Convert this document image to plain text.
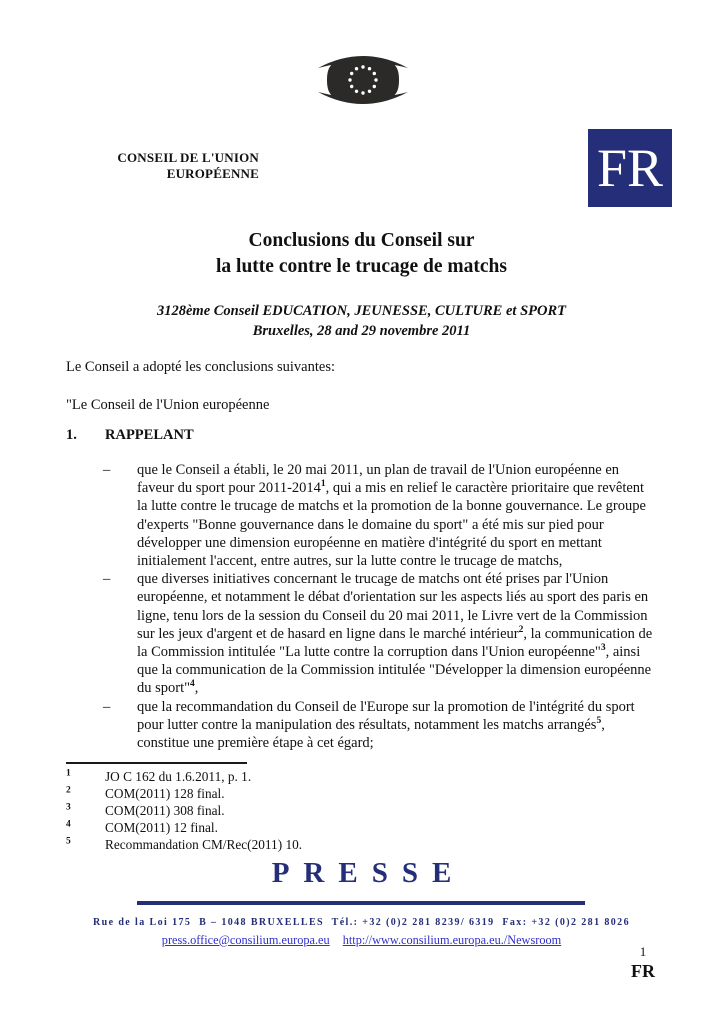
CONSEIL DE L'UNION
EUROPÉENNE	FR
Conclusions du Conseil sur
la lutte contre le trucage de matchs
3128ème Conseil EDUCATION, JEUNESSE, CULTURE et SPORT
Bruxelles, 28 and 29 novembre 2011
Le Conseil a adopté les conclusions suivantes:
"Le Conseil de l'Union européenne
1.	RAPPELANT
–	que le Conseil a établi, le 20 mai 2011, un plan de travail de l'Union européenne en faveur du sport pour 2011-2014$^1$, qui a mis en relief le caractère prioritaire que revêtent la lutte contre le trucage de matchs et la promotion de la bonne gouvernance. Le groupe d'experts "Bonne gouvernance dans le domaine du sport" a été mis sur pied pour développer une dimension européenne en matière d'intégrité du sport en mettant initialement l'accent, entre autres, sur la lutte contre le trucage de matchs,
–	que diverses initiatives concernant le trucage de matchs ont été prises par l'Union européenne, et notamment le débat d'orientation sur les aspects liés au sport des paris en ligne, tenu lors de la session du Conseil du 20 mai 2011, le Livre vert de la Commission sur les jeux d'argent et de hasard en ligne dans le marché intérieur$^2$, la communication de la Commission intitulée "La lutte contre la corruption dans l'Union européenne"$^3$, ainsi que la communication de la Commission intitulée "Développer la dimension européenne du sport"$^4$,
–	que la recommandation du Conseil de l'Europe sur la promotion de l'intégrité du sport pour lutter contre la manipulation des résultats, notamment les matchs arrangés$^5$, constitue une première étape à cet égard;
$^1$	JO C 162 du 1.6.2011, p. 1.
$^2$	COM(2011) 128 final.
$^3$	COM(2011) 308 final.
$^4$	COM(2011) 12 final.
$^5$	Recommandation CM/Rec(2011) 10.
PRESSE
Rue de la Loi 175  B – 1048 BRUXELLES  Tél.: +32 (0)2 281 8239/ 6319  Fax: +32 (0)2 281 8026
press.office@consilium.europa.eu http://www.consilium.europa.eu./Newsroom
1
FR
